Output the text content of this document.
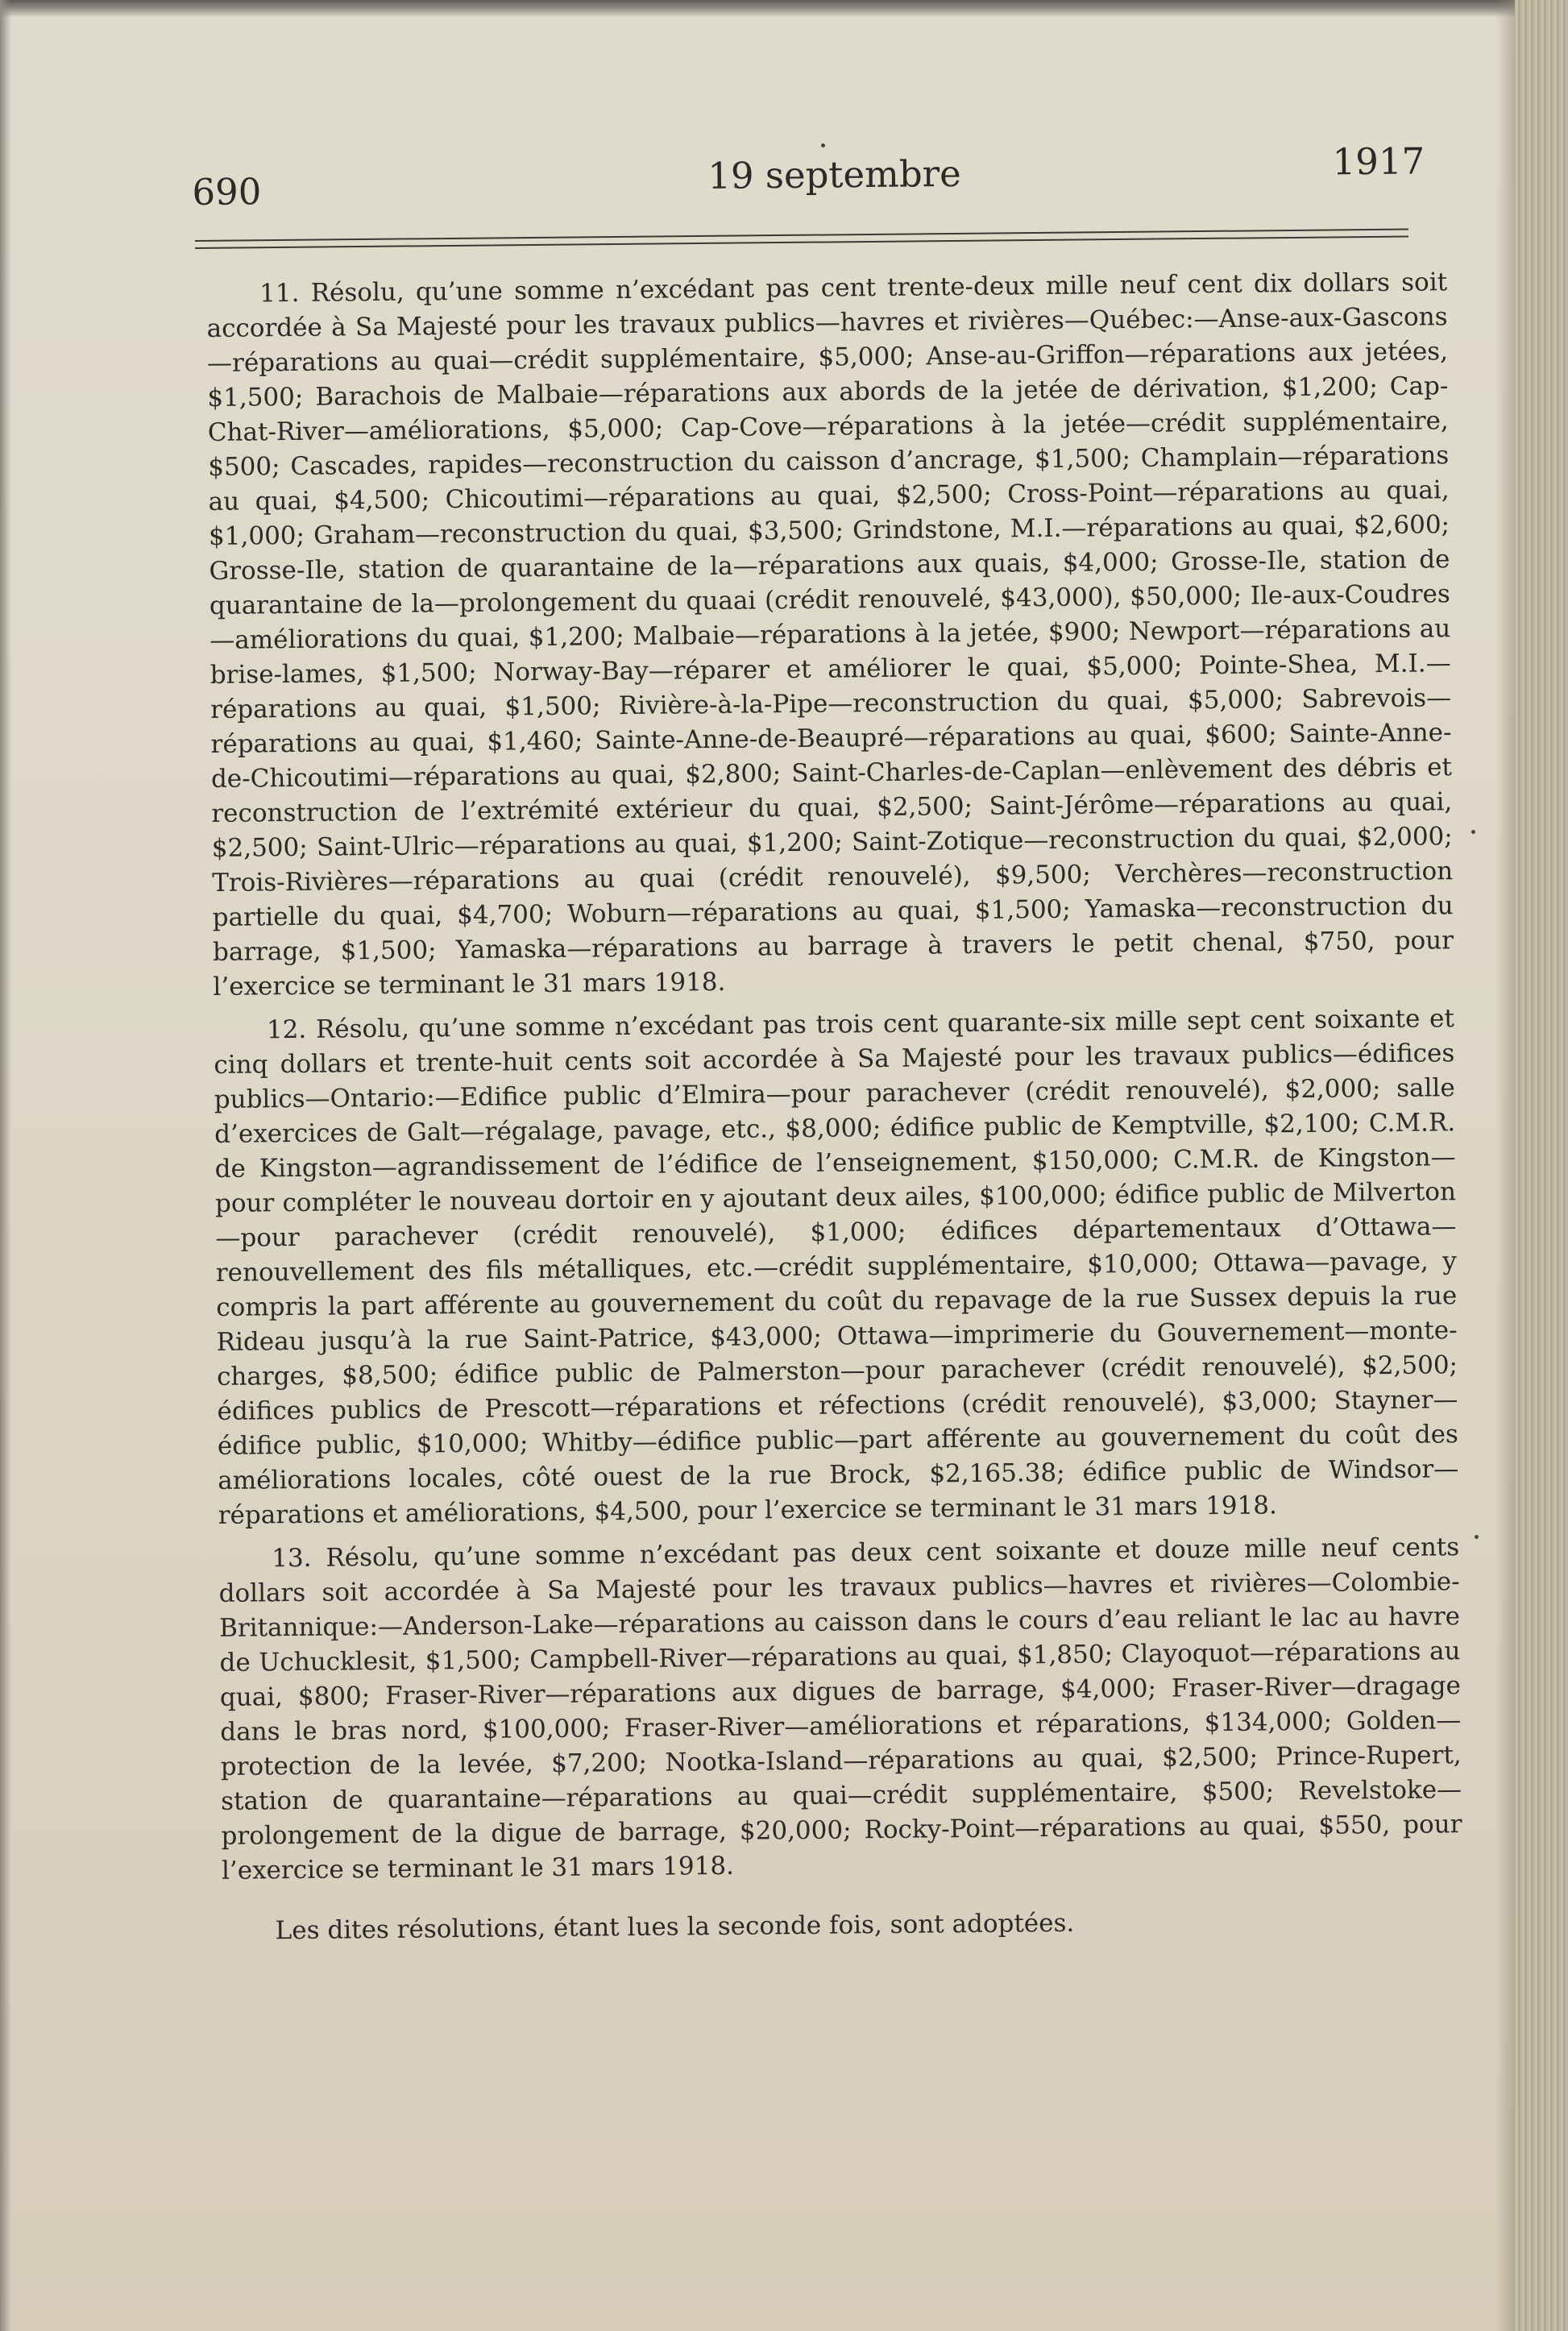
690	19 septembre	1917

11. Résolu, qu’une somme n’excédant pas cent trente-deux mille neuf cent dix dollars soit accordée à Sa Majesté pour les travaux publics—havres et rivières—Québec:—Anse-aux-Gascons—réparations au quai—crédit supplémentaire, $5,000; Anse-au-Griffon—réparations aux jetées, $1,500; Barachois de Malbaie—réparations aux abords de la jetée de dérivation, $1,200; Cap-Chat-River—améliorations, $5,000; Cap-Cove—réparations à la jetée—crédit supplémentaire, $500; Cascades, rapides—reconstruction du caisson d’ancrage, $1,500; Champlain—réparations au quai, $4,500; Chicoutimi—réparations au quai, $2,500; Cross-Point—réparations au quai, $1,000; Graham—reconstruction du quai, $3,500; Grindstone, M.I.—réparations au quai, $2,600; Grosse-Ile, station de quarantaine de la—réparations aux quais, $4,000; Grosse-Ile, station de quarantaine de la—prolongement du quaai (crédit renouvelé, $43,000), $50,000; Ile-aux-Coudres—améliorations du quai, $1,200; Malbaie—réparations à la jetée, $900; Newport—réparations au brise-lames, $1,500; Norway-Bay—réparer et améliorer le quai, $5,000; Pointe-Shea, M.I.—réparations au quai, $1,500; Rivière-à-la-Pipe—reconstruction du quai, $5,000; Sabrevois—réparations au quai, $1,460; Sainte-Anne-de-Beaupré—réparations au quai, $600; Sainte-Anne-de-Chicoutimi—réparations au quai, $2,800; Saint-Charles-de-Caplan—enlèvement des débris et reconstruction de l’extrémité extérieur du quai, $2,500; Saint-Jérôme—réparations au quai, $2,500; Saint-Ulric—réparations au quai, $1,200; Saint-Zotique—reconstruction du quai, $2,000; Trois-Rivières—réparations au quai (crédit renouvelé), $9,500; Verchères—reconstruction partielle du quai, $4,700; Woburn—réparations au quai, $1,500; Yamaska—reconstruction du barrage, $1,500; Yamaska—réparations au barrage à travers le petit chenal, $750, pour l’exercice se terminant le 31 mars 1918.

12. Résolu, qu’une somme n’excédant pas trois cent quarante-six mille sept cent soixante et cinq dollars et trente-huit cents soit accordée à Sa Majesté pour les travaux publics—édifices publics—Ontario:—Edifice public d’Elmira—pour parachever (crédit renouvelé), $2,000; salle d’exercices de Galt—régalage, pavage, etc., $8,000; édifice public de Kemptville, $2,100; C.M.R. de Kingston—agrandissement de l’édifice de l’enseignement, $150,000; C.M.R. de Kingston—pour compléter le nouveau dortoir en y ajoutant deux ailes, $100,000; édifice public de Milverton—pour parachever (crédit renouvelé), $1,000; édifices départementaux d’Ottawa—renouvellement des fils métalliques, etc.—crédit supplémentaire, $10,000; Ottawa—pavage, y compris la part afférente au gouvernement du coût du repavage de la rue Sussex depuis la rue Rideau jusqu’à la rue Saint-Patrice, $43,000; Ottawa—imprimerie du Gouvernement—monte-charges, $8,500; édifice public de Palmerston—pour parachever (crédit renouvelé), $2,500; édifices publics de Prescott—réparations et réfections (crédit renouvelé), $3,000; Stayner—édifice public, $10,000; Whitby—édifice public—part afférente au gouvernement du coût des améliorations locales, côté ouest de la rue Brock, $2,165.38; édifice public de Windsor—réparations et améliorations, $4,500, pour l’exercice se terminant le 31 mars 1918.

13. Résolu, qu’une somme n’excédant pas deux cent soixante et douze mille neuf cents dollars soit accordée à Sa Majesté pour les travaux publics—havres et rivières—Colombie-Britannique:—Anderson-Lake—réparations au caisson dans le cours d’eau reliant le lac au havre de Uchucklesit, $1,500; Campbell-River—réparations au quai, $1,850; Clayoquot—réparations au quai, $800; Fraser-River—réparations aux digues de barrage, $4,000; Fraser-River—dragage dans le bras nord, $100,000; Fraser-River—améliorations et réparations, $134,000; Golden—protection de la levée, $7,200; Nootka-Island—réparations au quai, $2,500; Prince-Rupert, station de quarantaine—réparations au quai—crédit supplémentaire, $500; Revelstoke—prolongement de la digue de barrage, $20,000; Rocky-Point—réparations au quai, $550, pour l’exercice se terminant le 31 mars 1918.

Les dites résolutions, étant lues la seconde fois, sont adoptées.
